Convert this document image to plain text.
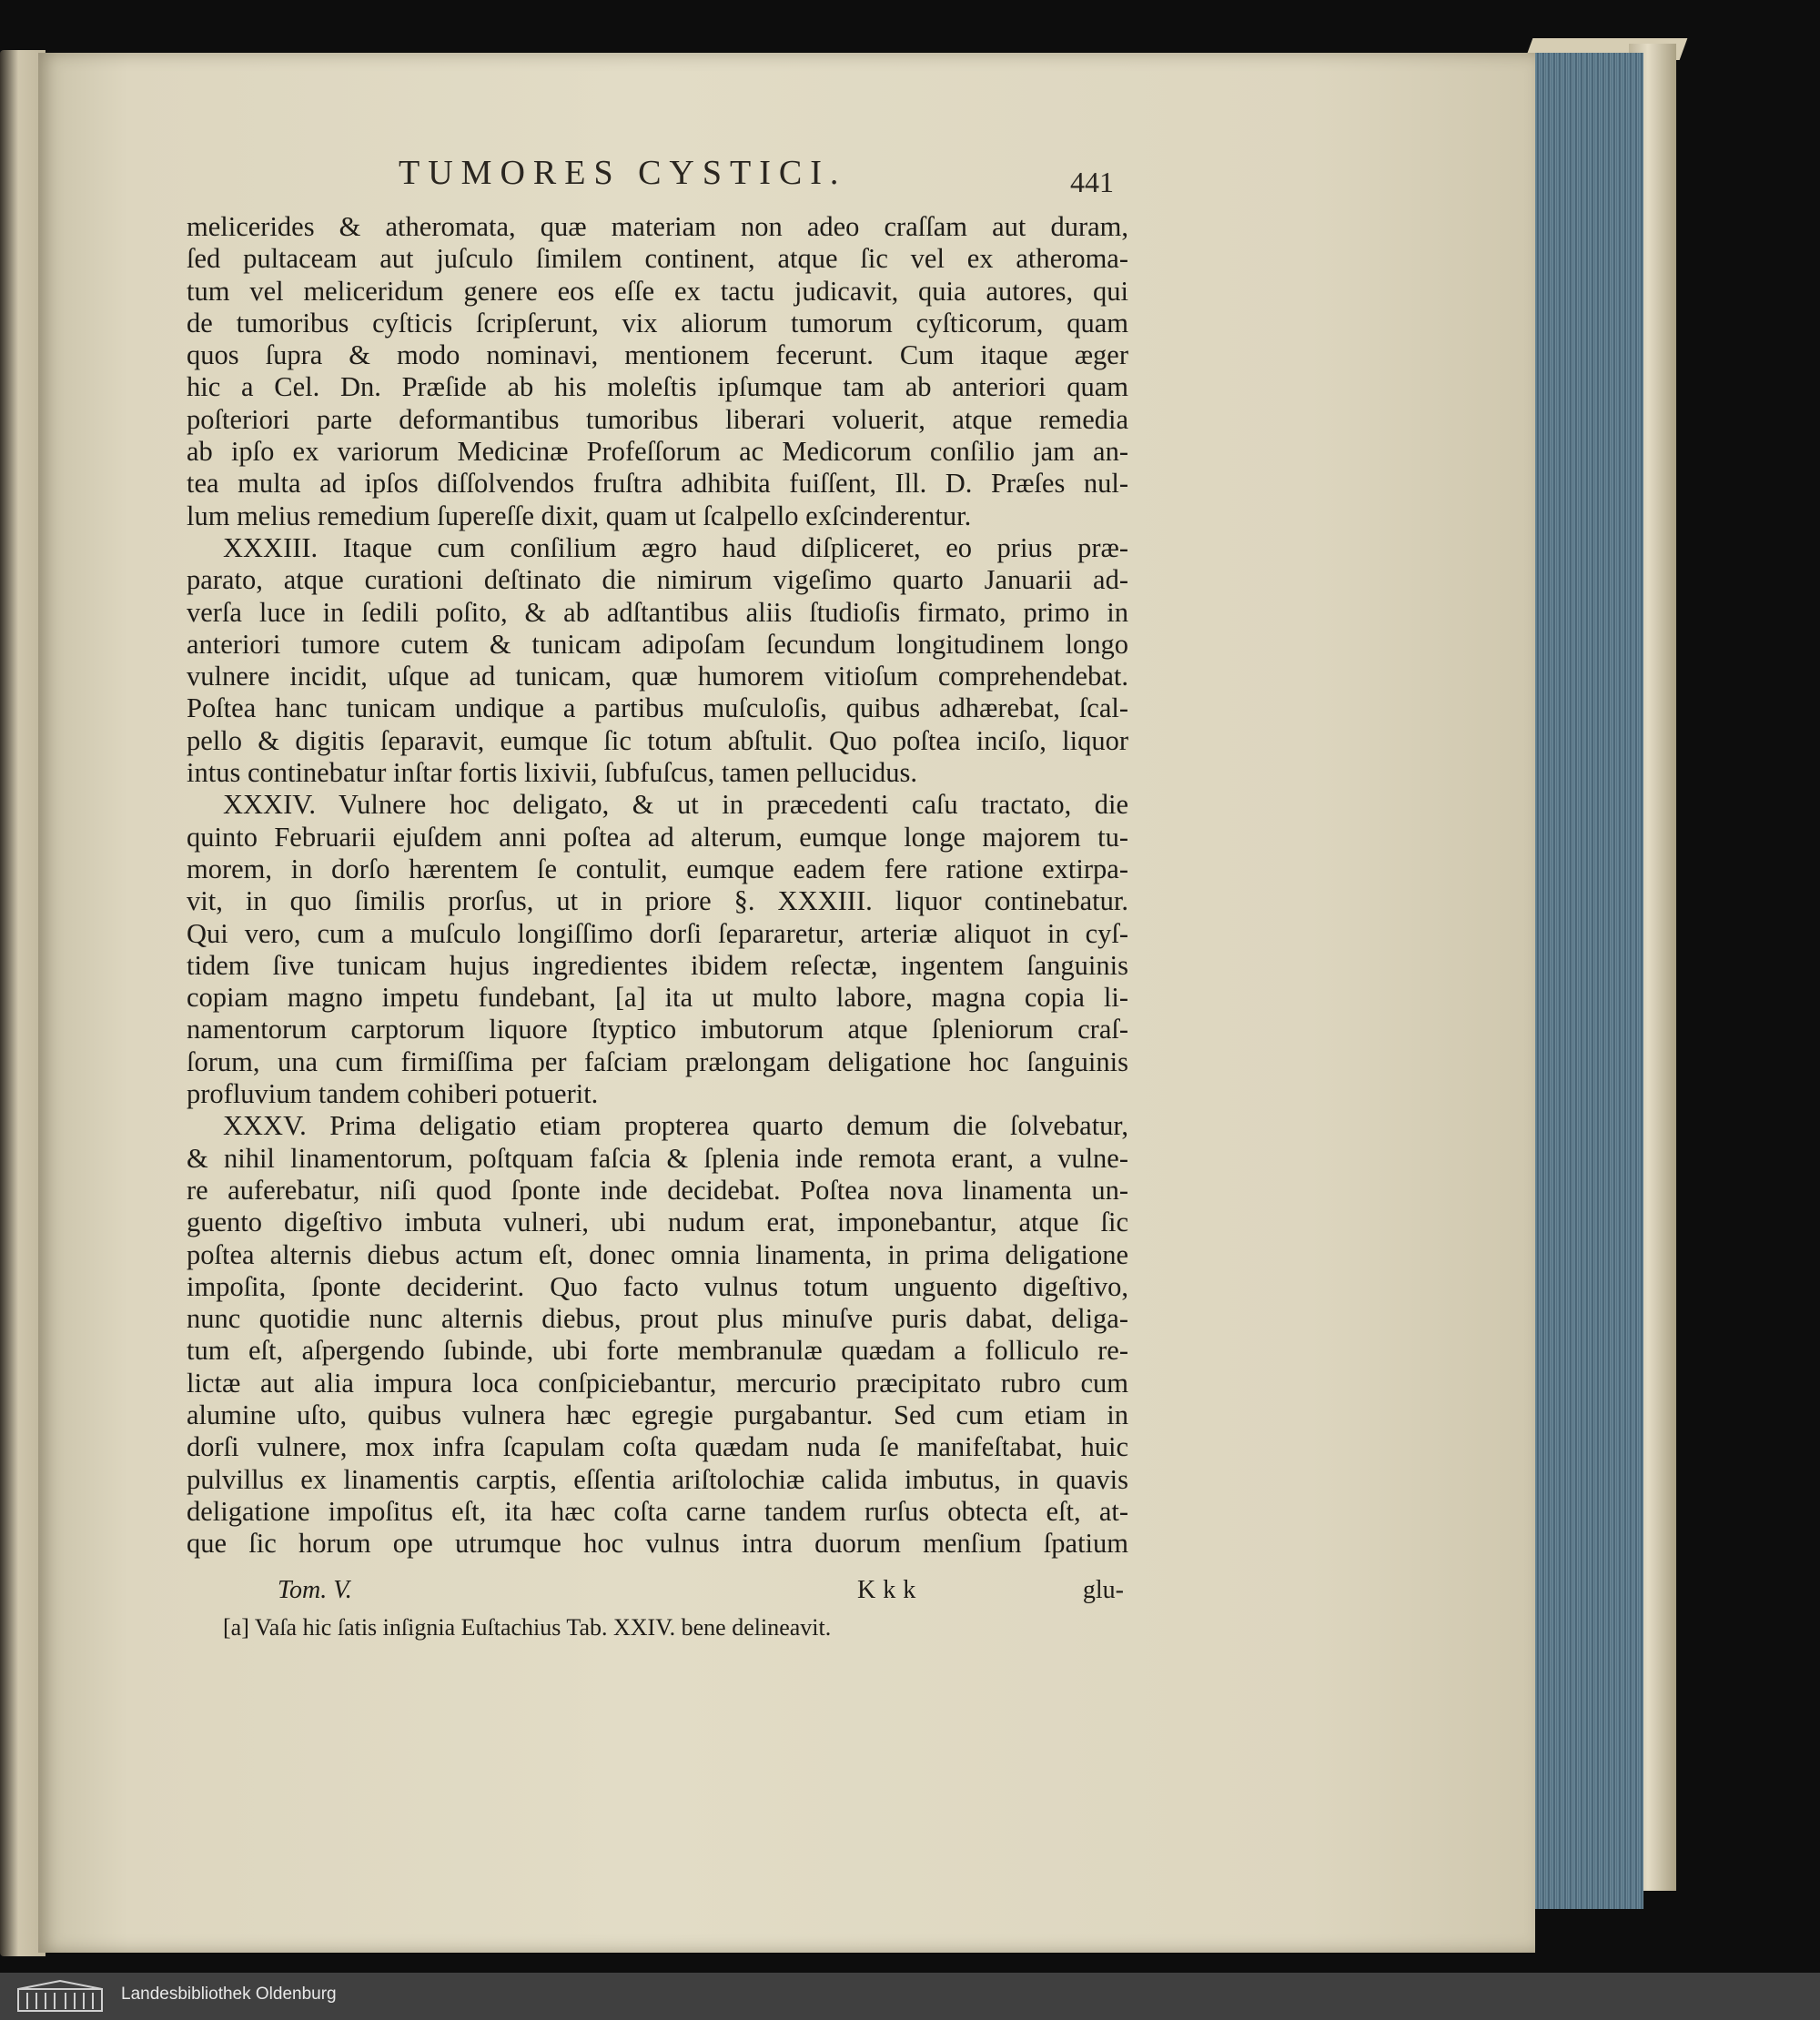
TUMORES CYSTICI.	441
melicerides & atheromata, quæ materiam non adeo craſſam aut duram,
ſed pultaceam aut juſculo ſimilem continent, atque ſic vel ex atheroma-
tum vel meliceridum genere eos eſſe ex tactu judicavit, quia autores, qui
de tumoribus cyſticis ſcripſerunt, vix aliorum tumorum cyſticorum, quam
quos ſupra & modo nominavi, mentionem fecerunt. Cum itaque æger
hic a Cel. Dn. Præſide ab his moleſtis ipſumque tam ab anteriori quam
poſteriori parte deformantibus tumoribus liberari voluerit, atque remedia
ab ipſo ex variorum Medicinæ Profeſſorum ac Medicorum conſilio jam an-
tea multa ad ipſos diſſolvendos fruſtra adhibita fuiſſent, Ill. D. Præſes nul-
lum melius remedium ſupereſſe dixit, quam ut ſcalpello exſcinderentur.
XXXIII. Itaque cum conſilium ægro haud diſpliceret, eo prius præ-
parato, atque curationi deſtinato die nimirum vigeſimo quarto Januarii ad-
verſa luce in ſedili poſito, & ab adſtantibus aliis ſtudioſis firmato, primo in
anteriori tumore cutem & tunicam adipoſam ſecundum longitudinem longo
vulnere incidit, uſque ad tunicam, quæ humorem vitioſum comprehendebat.
Poſtea hanc tunicam undique a partibus muſculoſis, quibus adhærebat, ſcal-
pello & digitis ſeparavit, eumque ſic totum abſtulit. Quo poſtea inciſo, liquor
intus continebatur inſtar fortis lixivii, ſubfuſcus, tamen pellucidus.
XXXIV. Vulnere hoc deligato, & ut in præcedenti caſu tractato, die
quinto Februarii ejuſdem anni poſtea ad alterum, eumque longe majorem tu-
morem, in dorſo hærentem ſe contulit, eumque eadem fere ratione extirpa-
vit, in quo ſimilis prorſus, ut in priore §. XXXIII. liquor continebatur.
Qui vero, cum a muſculo longiſſimo dorſi ſepararetur, arteriæ aliquot in cyſ-
tidem ſive tunicam hujus ingredientes ibidem reſectæ, ingentem ſanguinis
copiam magno impetu fundebant, [a] ita ut multo labore, magna copia li-
namentorum carptorum liquore ſtyptico imbutorum atque ſpleniorum craſ-
ſorum, una cum firmiſſima per faſciam prælongam deligatione hoc ſanguinis
profluvium tandem cohiberi potuerit.
XXXV. Prima deligatio etiam propterea quarto demum die ſolvebatur,
& nihil linamentorum, poſtquam faſcia & ſplenia inde remota erant, a vulne-
re auferebatur, niſi quod ſponte inde decidebat. Poſtea nova linamenta un-
guento digeſtivo imbuta vulneri, ubi nudum erat, imponebantur, atque ſic
poſtea alternis diebus actum eſt, donec omnia linamenta, in prima deligatione
impoſita, ſponte deciderint. Quo facto vulnus totum unguento digeſtivo,
nunc quotidie nunc alternis diebus, prout plus minuſve puris dabat, deliga-
tum eſt, aſpergendo ſubinde, ubi forte membranulæ quædam a folliculo re-
lictæ aut alia impura loca conſpiciebantur, mercurio præcipitato rubro cum
alumine uſto, quibus vulnera hæc egregie purgabantur. Sed cum etiam in
dorſi vulnere, mox infra ſcapulam coſta quædam nuda ſe manifeſtabat, huic
pulvillus ex linamentis carptis, eſſentia ariſtolochiæ calida imbutus, in quavis
deligatione impoſitus eſt, ita hæc coſta carne tandem rurſus obtecta eſt, at-
que ſic horum ope utrumque hoc vulnus intra duorum menſium ſpatium
Tom. V.	Kkk	glu-
[a] Vaſa hic ſatis inſignia Euſtachius Tab. XXIV. bene delineavit.
Landesbibliothek Oldenburg
